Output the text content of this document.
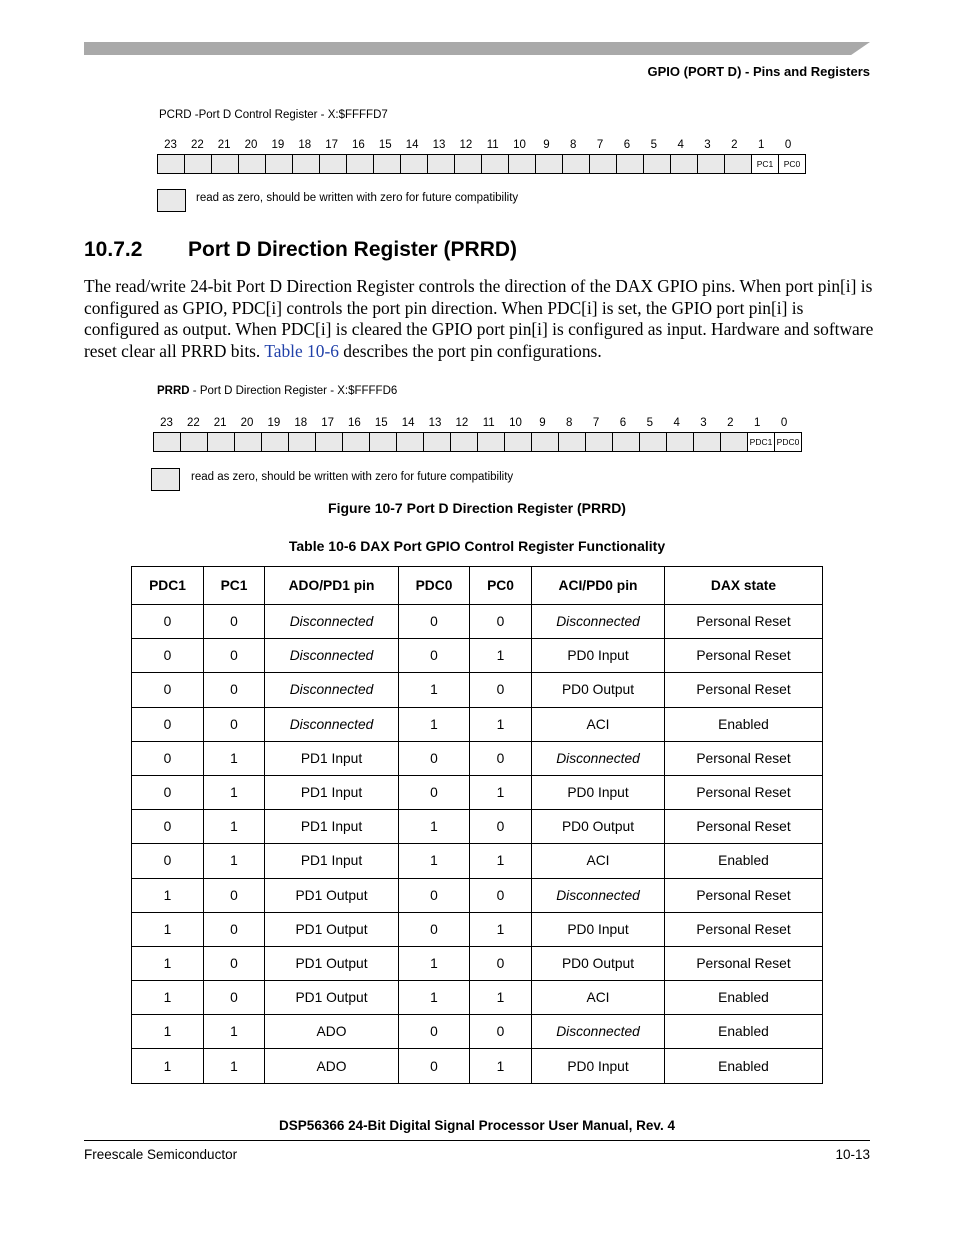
GPIO (PORT D) - Pins and Registers
PCRD -Port D Control Register - X:$FFFFD7
23	22	21	20	19	18	17	16	15	14	13	12	11	10	9	8	7	6	5	4	3	2	1	0
PC1	PC0
read as zero, should be written with zero for future compatibility
10.7.2 Port D Direction Register (PRRD)
The read/write 24-bit Port D Direction Register controls the direction of the DAX GPIO pins. When port pin[i] is configured as GPIO, PDC[i] controls the port pin direction. When PDC[i] is set, the GPIO port pin[i] is configured as output. When PDC[i] is cleared the GPIO port pin[i] is configured as input. Hardware and software reset clear all PRRD bits. Table 10-6 describes the port pin configurations.
PRRD - Port D Direction Register - X:$FFFFD6
23	22	21	20	19	18	17	16	15	14	13	12	11	10	9	8	7	6	5	4	3	2	1	0
PDC1 PDC0
read as zero, should be written with zero for future compatibility
Figure 10-7 Port D Direction Register (PRRD)
Table 10-6 DAX Port GPIO Control Register Functionality
PDC1	PC1	ADO/PD1 pin	PDC0	PC0	ACI/PD0 pin	DAX state
0	0	Disconnected	0	0	Disconnected	Personal Reset
0	0	Disconnected	0	1	PD0 Input	Personal Reset
0	0	Disconnected	1	0	PD0 Output	Personal Reset
0	0	Disconnected	1	1	ACI	Enabled
0	1	PD1 Input	0	0	Disconnected	Personal Reset
0	1	PD1 Input	0	1	PD0 Input	Personal Reset
0	1	PD1 Input	1	0	PD0 Output	Personal Reset
0	1	PD1 Input	1	1	ACI	Enabled
1	0	PD1 Output	0	0	Disconnected	Personal Reset
1	0	PD1 Output	0	1	PD0 Input	Personal Reset
1	0	PD1 Output	1	0	PD0 Output	Personal Reset
1	0	PD1 Output	1	1	ACI	Enabled
1	1	ADO	0	0	Disconnected	Enabled
1	1	ADO	0	1	PD0 Input	Enabled
DSP56366 24-Bit Digital Signal Processor User Manual, Rev. 4
Freescale Semiconductor	10-13
